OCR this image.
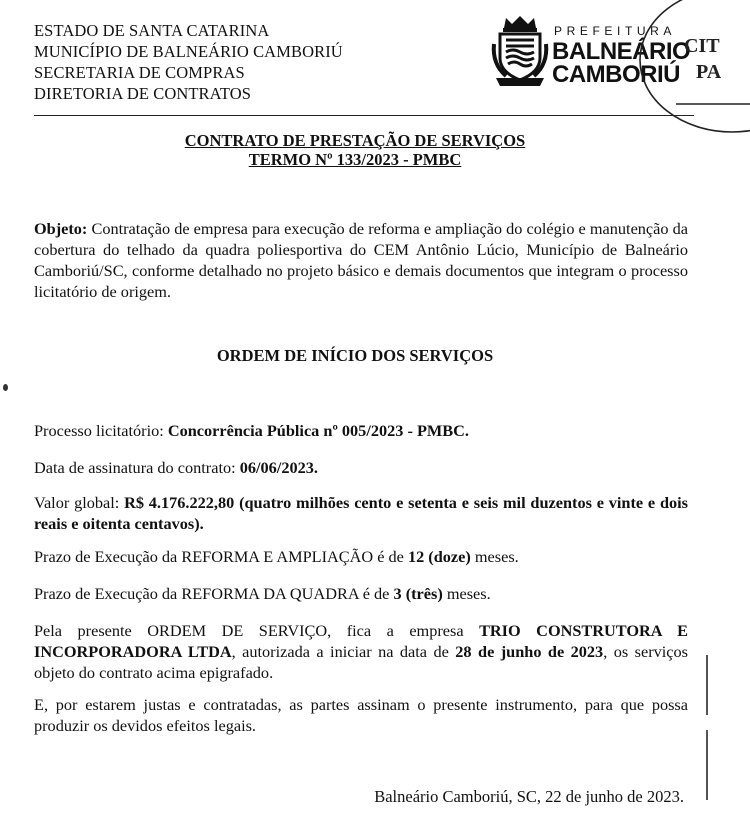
ESTADO DE SANTA CATARINA
MUNICÍPIO DE BALNEÁRIO CAMBORIÚ
SECRETARIA DE COMPRAS
DIRETORIA DE CONTRATOS
PREFEITURA
BALNEÁRIO
CAMBORIÚ
CIT
PA
CONTRATO DE PRESTAÇÃO DE SERVIÇOS
TERMO Nº 133/2023 - PMBC
Objeto: Contratação de empresa para execução de reforma e ampliação do colégio e manutenção da cobertura do telhado da quadra poliesportiva do CEM Antônio Lúcio, Município de Balneário Camboriú/SC, conforme detalhado no projeto básico e demais documentos que integram o processo licitatório de origem.
ORDEM DE INÍCIO DOS SERVIÇOS
Processo licitatório: Concorrência Pública nº 005/2023 - PMBC.
Data de assinatura do contrato: 06/06/2023.
Valor global: R$ 4.176.222,80 (quatro milhões cento e setenta e seis mil duzentos e vinte e dois reais e oitenta centavos).
Prazo de Execução da REFORMA E AMPLIAÇÃO é de 12 (doze) meses.
Prazo de Execução da REFORMA DA QUADRA é de 3 (três) meses.
Pela presente ORDEM DE SERVIÇO, fica a empresa TRIO CONSTRUTORA E INCORPORADORA LTDA, autorizada a iniciar na data de 28 de junho de 2023, os serviços objeto do contrato acima epigrafado.
E, por estarem justas e contratadas, as partes assinam o presente instrumento, para que possa produzir os devidos efeitos legais.
Balneário Camboriú, SC, 22 de junho de 2023.
